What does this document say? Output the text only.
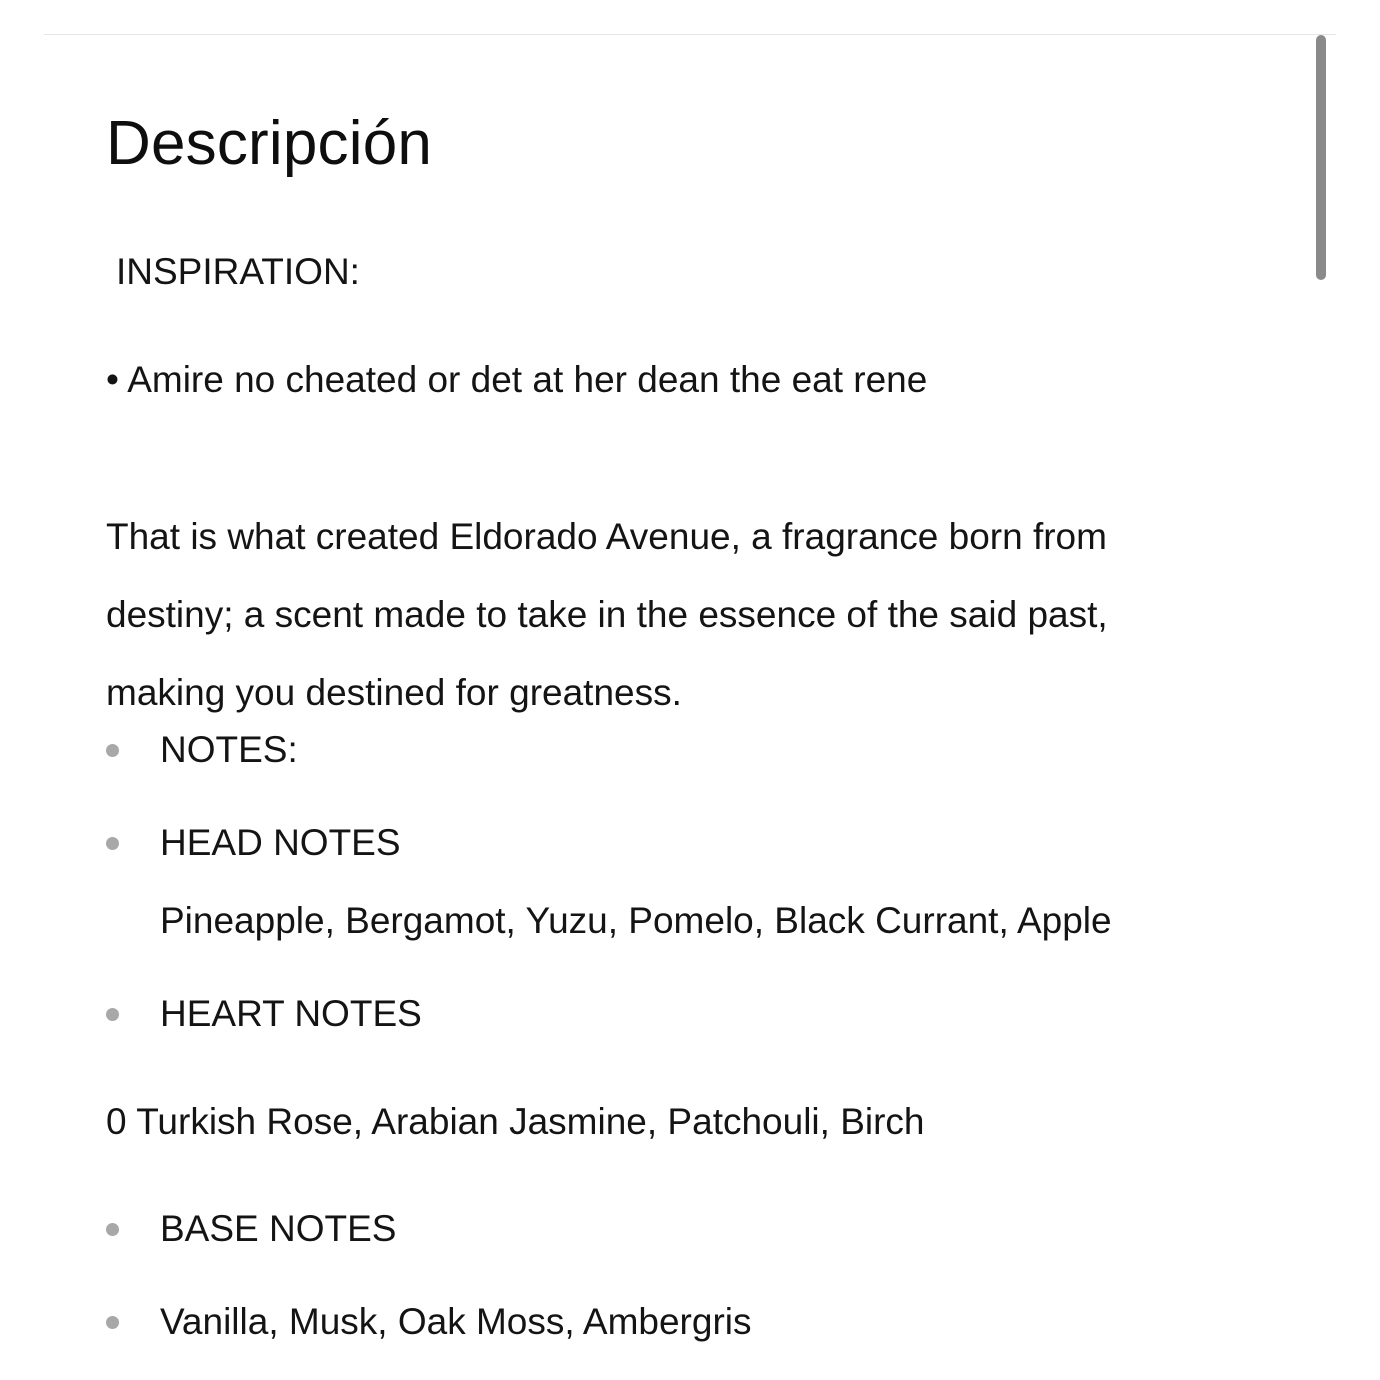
Descripción
INSPIRATION:
• Amire no cheated or det at her dean the eat rene

That is what created Eldorado Avenue, a fragrance born from destiny; a scent made to take in the essence of the said past, making you destined for greatness.

NOTES:
HEAD NOTES
Pineapple, Bergamot, Yuzu, Pomelo, Black Currant, Apple
HEART NOTES
0 Turkish Rose, Arabian Jasmine, Patchouli, Birch
BASE NOTES
Vanilla, Musk, Oak Moss, Ambergris
